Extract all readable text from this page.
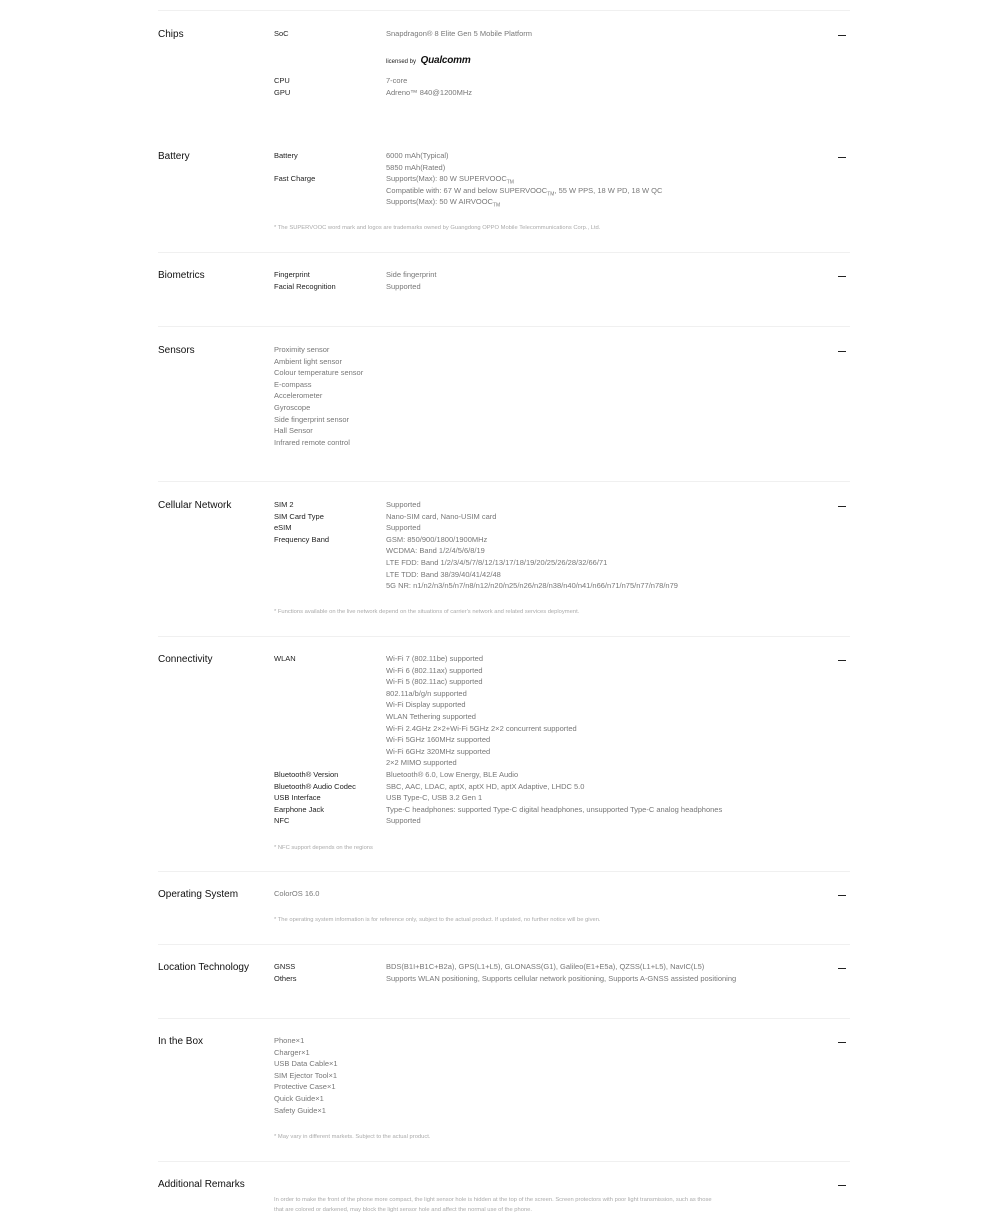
Chips	SoC	Snapdragon® 8 Elite Gen 5 Mobile Platform
licensed by Qualcomm
CPU	7-core
GPU	Adreno™ 840@1200MHz
Battery	Battery	6000 mAh(Typical)
5850 mAh(Rated)
Fast Charge	Supports(Max): 80 W $SUPERVOOC_{TM}$
Compatible with: 67 W and below $SUPERVOOC_{TM}$, 55 W PPS, 18 W PD, 18 W QC
Supports(Max): 50 W $AIRVOOC_{TM}$
* The SUPERVOOC word mark and logos are trademarks owned by Guangdong OPPO Mobile Telecommunications Corp., Ltd.
Biometrics	Fingerprint	Side fingerprint
Facial Recognition	Supported
Sensors	Proximity sensor
Ambient light sensor
Colour temperature sensor
E-compass
Accelerometer
Gyroscope
Side fingerprint sensor
Hall Sensor
Infrared remote control
Cellular Network	SIM 2	Supported
SIM Card Type	Nano-SIM card, Nano-USIM card
eSIM	Supported
Frequency Band	GSM: 850/900/1800/1900MHz
WCDMA: Band 1/2/4/5/6/8/19
LTE FDD: Band 1/2/3/4/5/7/8/12/13/17/18/19/20/25/26/28/32/66/71
LTE TDD: Band 38/39/40/41/42/48
5G NR: n1/n2/n3/n5/n7/n8/n12/n20/n25/n26/n28/n38/n40/n41/n66/n71/n75/n77/n78/n79
* Functions available on the live network depend on the situations of carrier's network and related services deployment.
Connectivity	WLAN	Wi-Fi 7 (802.11be) supported
Wi-Fi 6 (802.11ax) supported
Wi-Fi 5 (802.11ac) supported
802.11a/b/g/n supported
Wi-Fi Display supported
WLAN Tethering supported
Wi-Fi 2.4GHz 2×2+Wi-Fi 5GHz 2×2 concurrent supported
Wi-Fi 5GHz 160MHz supported
Wi-Fi 6GHz 320MHz supported
2×2 MIMO supported
Bluetooth® Version	Bluetooth® 6.0, Low Energy, BLE Audio
Bluetooth® Audio Codec	SBC, AAC, LDAC, aptX, aptX HD, aptX Adaptive, LHDC 5.0
USB Interface	USB Type-C, USB 3.2 Gen 1
Earphone Jack	Type-C headphones: supported Type-C digital headphones, unsupported Type-C analog headphones
NFC	Supported
* NFC support depends on the regions
Operating System	ColorOS 16.0
* The operating system information is for reference only, subject to the actual product. If updated, no further notice will be given.
Location Technology	GNSS	BDS(B1I+B1C+B2a), GPS(L1+L5), GLONASS(G1), Galileo(E1+E5a), QZSS(L1+L5), NavIC(L5)
Others	Supports WLAN positioning, Supports cellular network positioning, Supports A-GNSS assisted positioning
In the Box	Phone×1
Charger×1
USB Data Cable×1
SIM Ejector Tool×1
Protective Case×1
Quick Guide×1
Safety Guide×1
* May vary in different markets. Subject to the actual product.
Additional Remarks
In order to make the front of the phone more compact, the light sensor hole is hidden at the top of the screen. Screen protectors with poor light transmission, such as those that are colored or darkened, may block the light sensor hole and affect the normal use of the phone.
